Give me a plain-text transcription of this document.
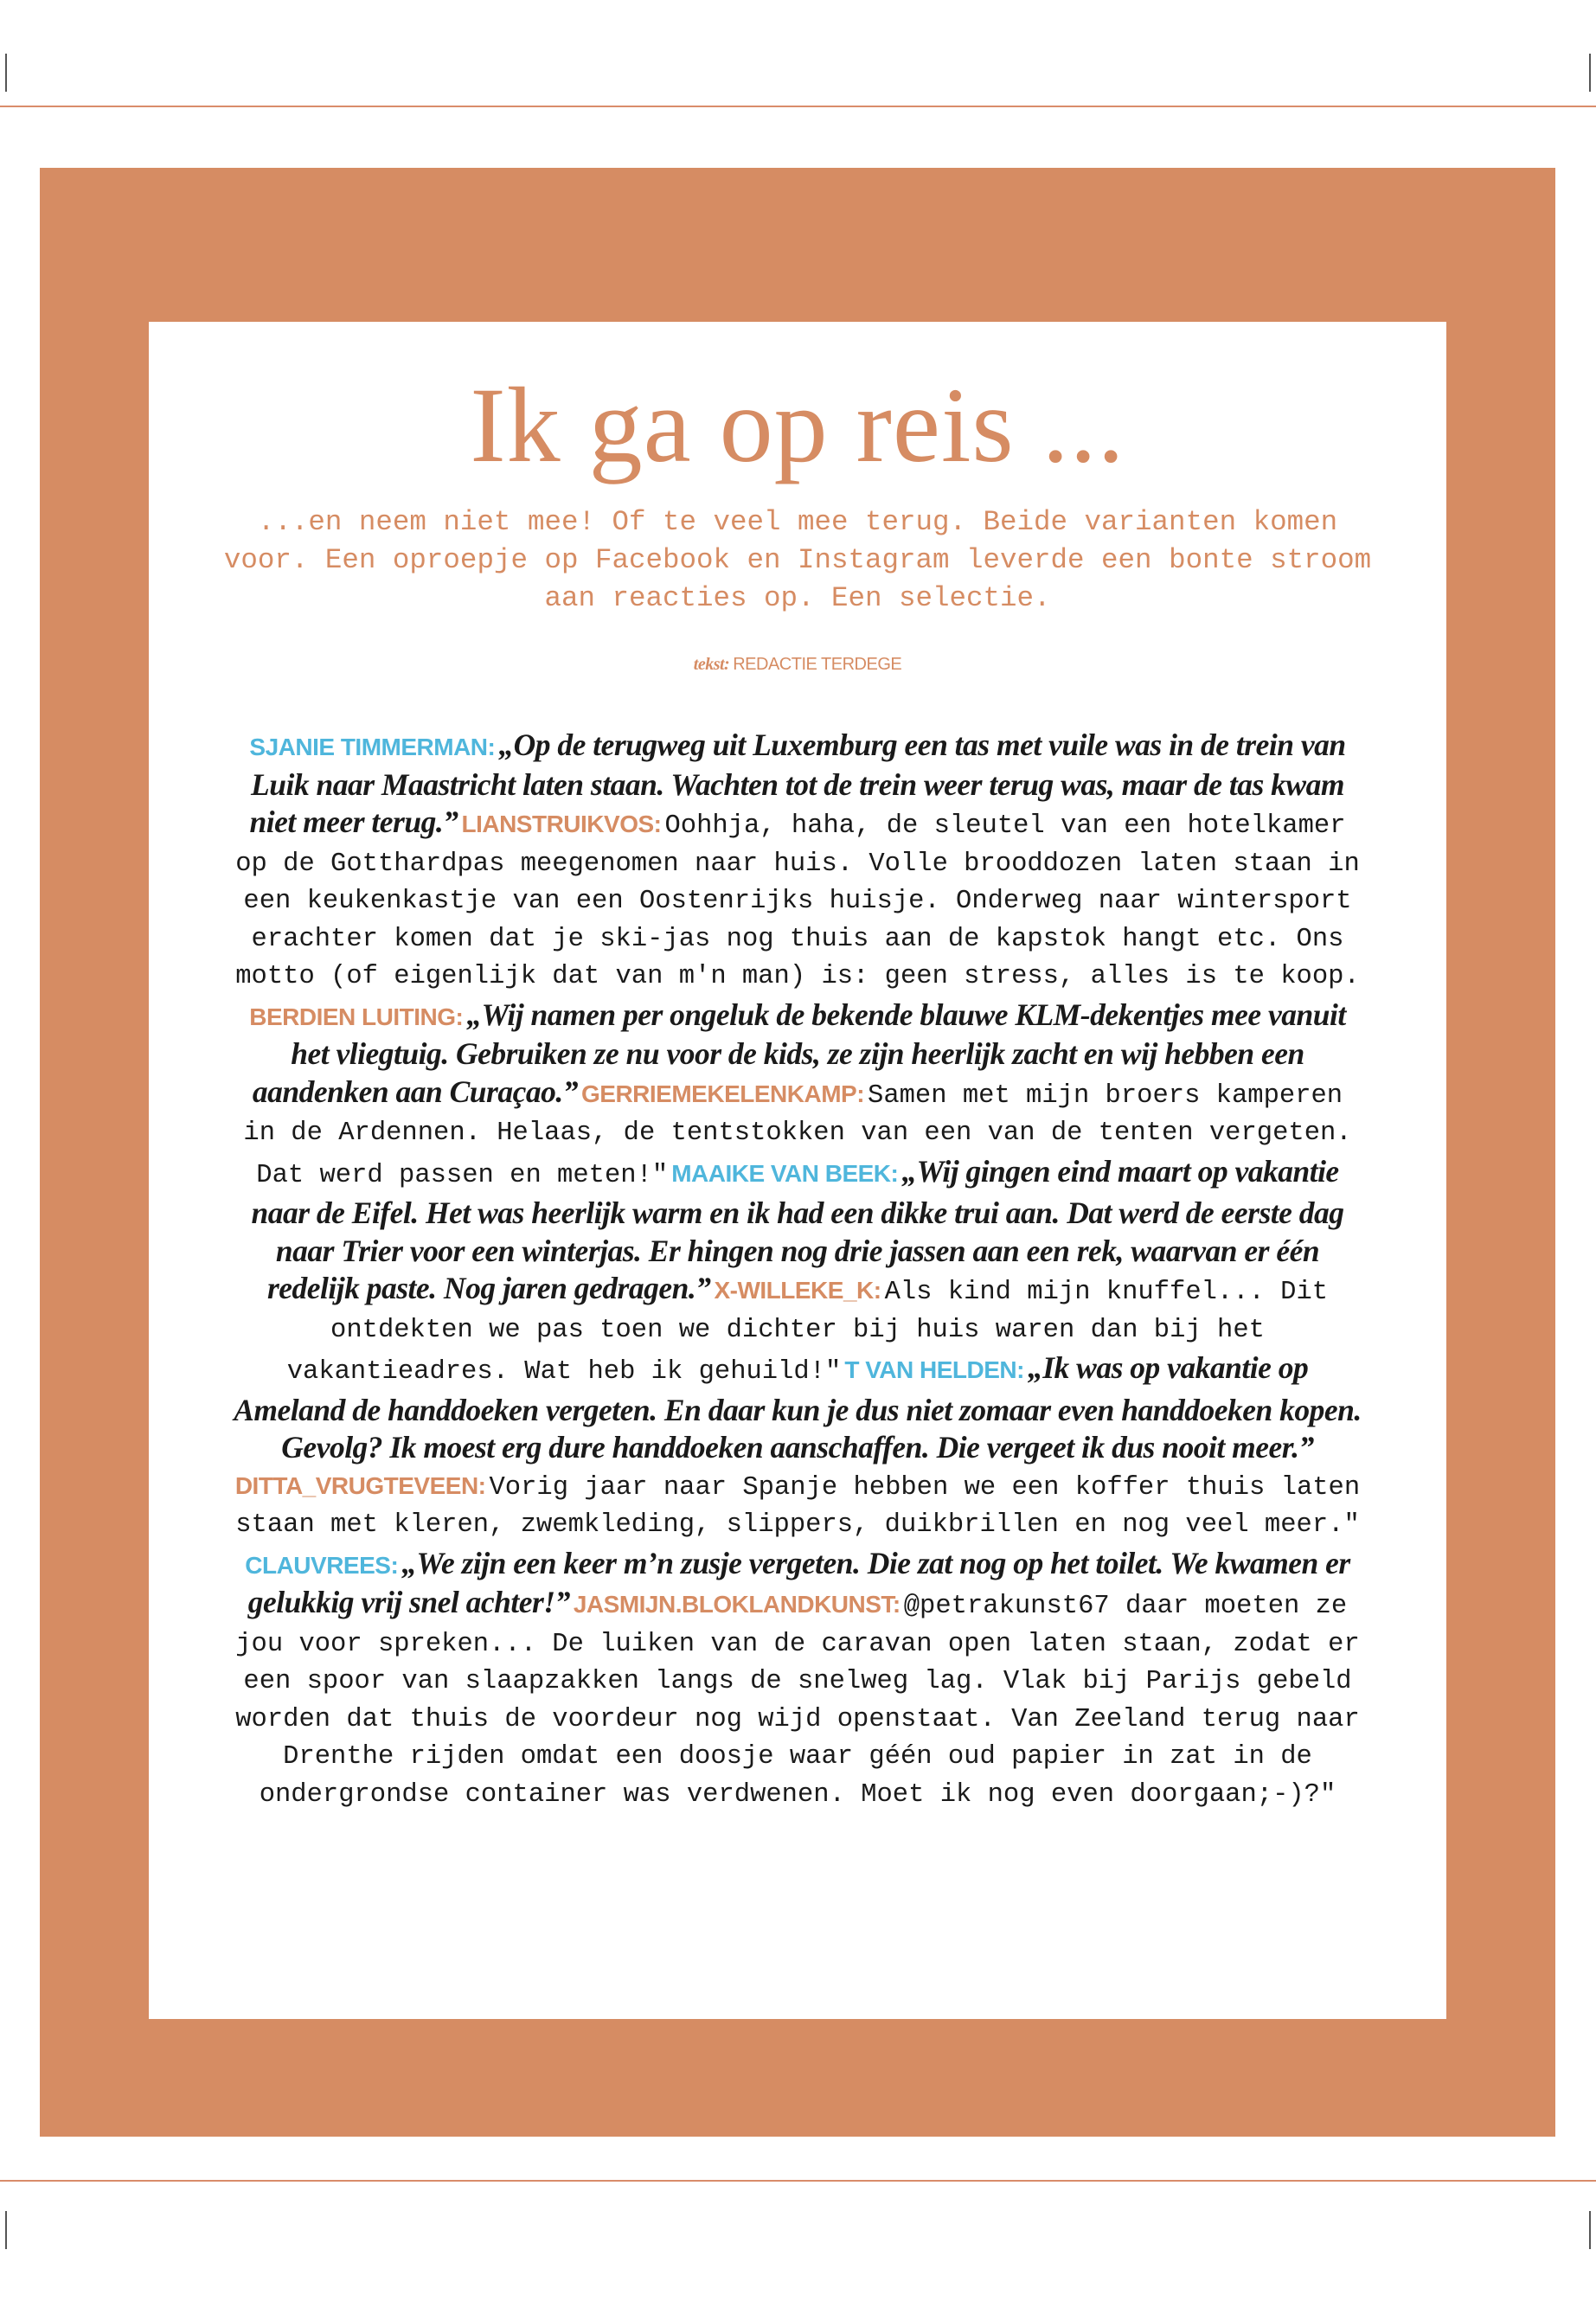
Ik ga op reis ...

...en neem niet mee! Of te veel mee terug. Beide varianten komen voor. Een oproepje op Facebook en Instagram leverde een bonte stroom aan reacties op. Een selectie.

tekst: REDACTIE TERDEGE

SJANIE TIMMERMAN: „Op de terugweg uit Luxemburg een tas met vuile was in de trein van Luik naar Maastricht laten staan. Wachten tot de trein weer terug was, maar de tas kwam niet meer terug.” LIANSTRUIKVOS: Oohhja, haha, de sleutel van een hotelkamer op de Gotthardpas meegenomen naar huis. Volle brooddozen laten staan in een keukenkastje van een Oostenrijks huisje. Onderweg naar wintersport erachter komen dat je ski-jas nog thuis aan de kapstok hangt etc. Ons motto (of eigenlijk dat van m'n man) is: geen stress, alles is te koop. BERDIEN LUITING: „Wij namen per ongeluk de bekende blauwe KLM-dekentjes mee vanuit het vliegtuig. Gebruiken ze nu voor de kids, ze zijn heerlijk zacht en wij hebben een aandenken aan Curaçao.” GERRIEMEKELENKAMP: Samen met mijn broers kamperen in de Ardennen. Helaas, de tentstokken van een van de tenten vergeten. Dat werd passen en meten!" MAAIKE VAN BEEK: „Wij gingen eind maart op vakantie naar de Eifel. Het was heerlijk warm en ik had een dikke trui aan. Dat werd de eerste dag naar Trier voor een winterjas. Er hingen nog drie jassen aan een rek, waarvan er één redelijk paste. Nog jaren gedragen.” X-WILLEKE_K: Als kind mijn knuffel... Dit ontdekten we pas toen we dichter bij huis waren dan bij het vakantieadres. Wat heb ik gehuild!" T VAN HELDEN: „Ik was op vakantie op Ameland de handdoeken vergeten. En daar kun je dus niet zomaar even handdoeken kopen. Gevolg? Ik moest erg dure handdoeken aanschaffen. Die vergeet ik dus nooit meer.” DITTA_VRUGTEVEEN: Vorig jaar naar Spanje hebben we een koffer thuis laten staan met kleren, zwemkleding, slippers, duikbrillen en nog veel meer." CLAUVREES: „We zijn een keer m’n zusje vergeten. Die zat nog op het toilet. We kwamen er gelukkig vrij snel achter!” JASMIJN.BLOKLANDKUNST: @petrakunst67 daar moeten ze jou voor spreken... De luiken van de caravan open laten staan, zodat er een spoor van slaapzakken langs de snelweg lag. Vlak bij Parijs gebeld worden dat thuis de voordeur nog wijd openstaat. Van Zeeland terug naar Drenthe rijden omdat een doosje waar géén oud papier in zat in de ondergrondse container was verdwenen. Moet ik nog even doorgaan;-)?"
